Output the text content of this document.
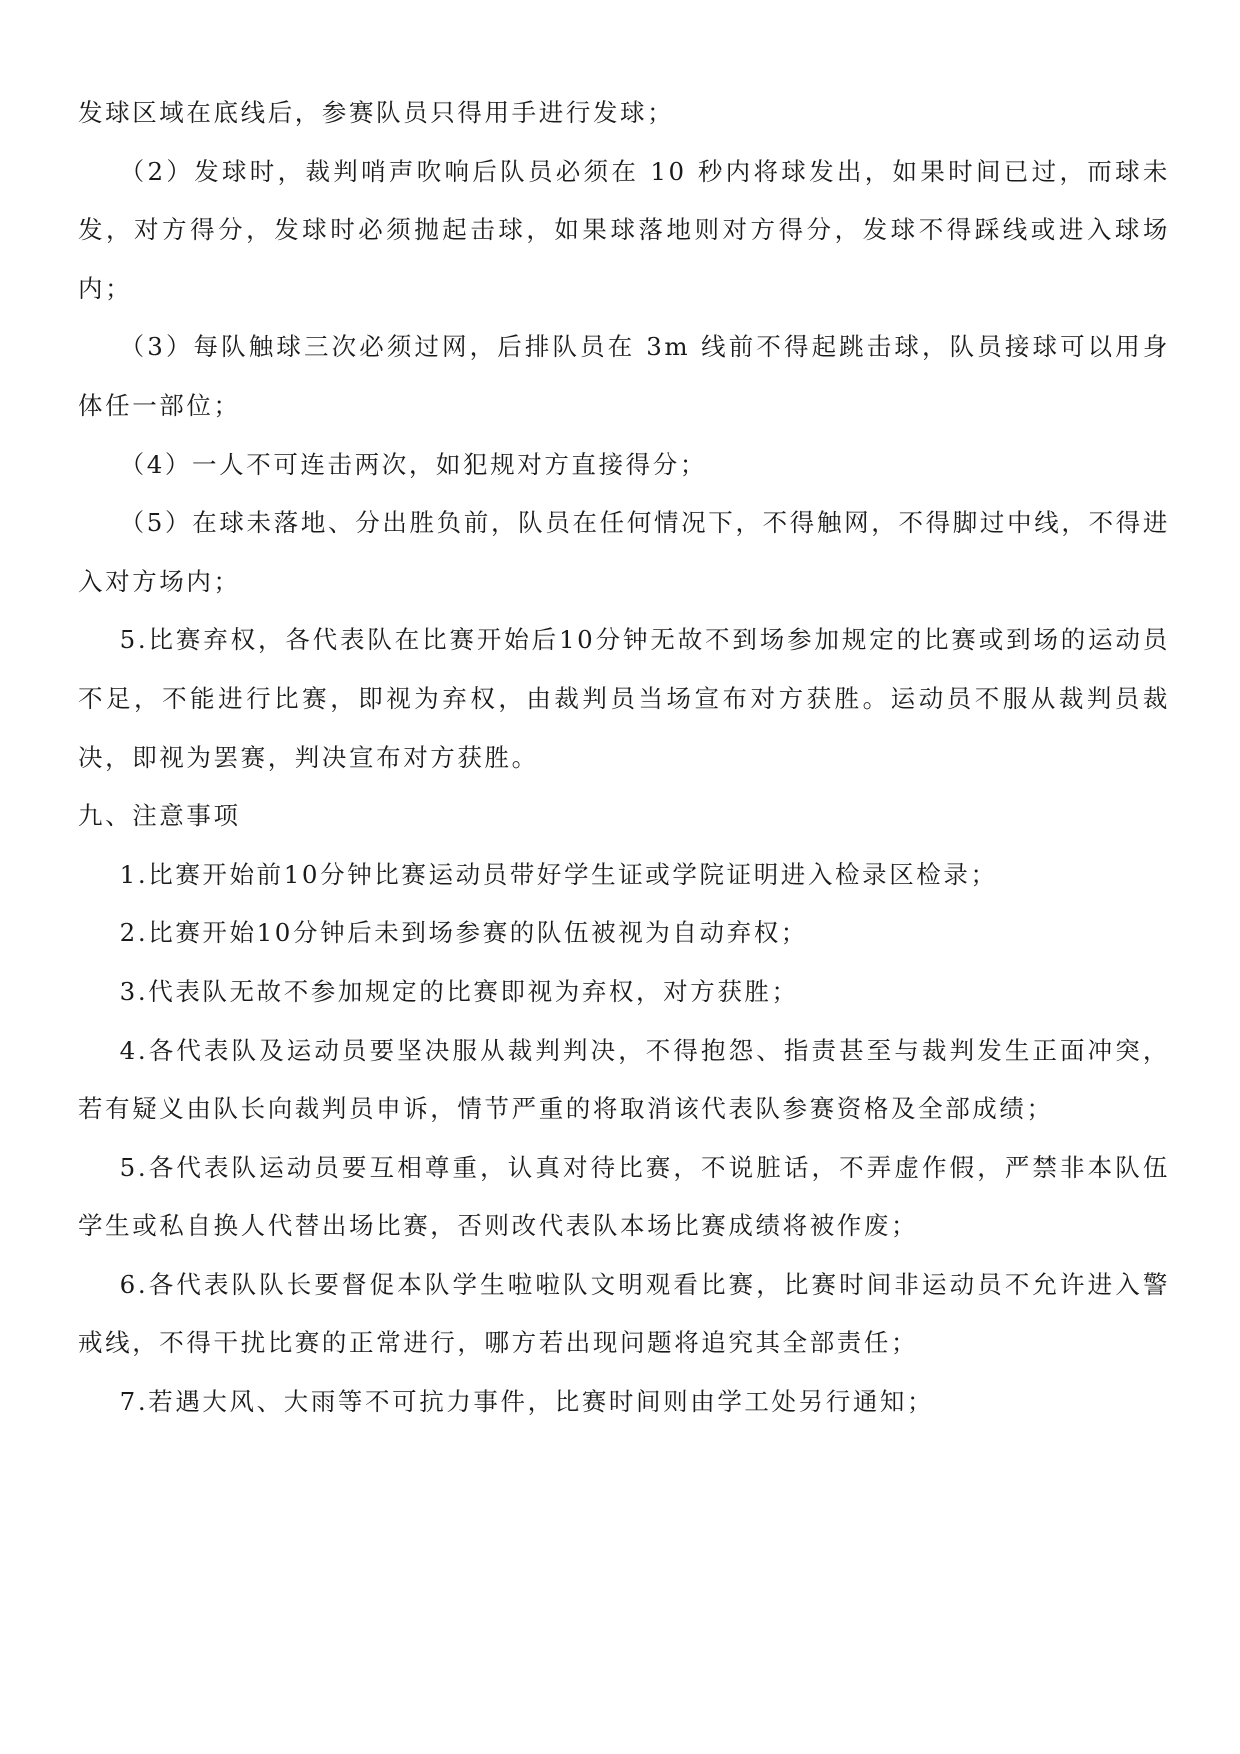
发球区域在底线后，参赛队员只得用手进行发球；

（2）发球时，裁判哨声吹响后队员必须在 10 秒内将球发出，如果时间已过，而球未发，对方得分，发球时必须抛起击球，如果球落地则对方得分，发球不得踩线或进入球场内；

（3）每队触球三次必须过网，后排队员在 3m 线前不得起跳击球，队员接球可以用身体任一部位；

（4）一人不可连击两次，如犯规对方直接得分；

（5）在球未落地、分出胜负前，队员在任何情况下，不得触网，不得脚过中线，不得进入对方场内；

5.比赛弃权，各代表队在比赛开始后10分钟无故不到场参加规定的比赛或到场的运动员不足，不能进行比赛，即视为弃权，由裁判员当场宣布对方获胜。运动员不服从裁判员裁决，即视为罢赛，判决宣布对方获胜。

九、注意事项

1.比赛开始前10分钟比赛运动员带好学生证或学院证明进入检录区检录；

2.比赛开始10分钟后未到场参赛的队伍被视为自动弃权；

3.代表队无故不参加规定的比赛即视为弃权，对方获胜；

4.各代表队及运动员要坚决服从裁判判决，不得抱怨、指责甚至与裁判发生正面冲突，若有疑义由队长向裁判员申诉，情节严重的将取消该代表队参赛资格及全部成绩；

5.各代表队运动员要互相尊重，认真对待比赛，不说脏话，不弄虚作假，严禁非本队伍学生或私自换人代替出场比赛，否则改代表队本场比赛成绩将被作废；

6.各代表队队长要督促本队学生啦啦队文明观看比赛，比赛时间非运动员不允许进入警戒线，不得干扰比赛的正常进行，哪方若出现问题将追究其全部责任；

7.若遇大风、大雨等不可抗力事件，比赛时间则由学工处另行通知；
